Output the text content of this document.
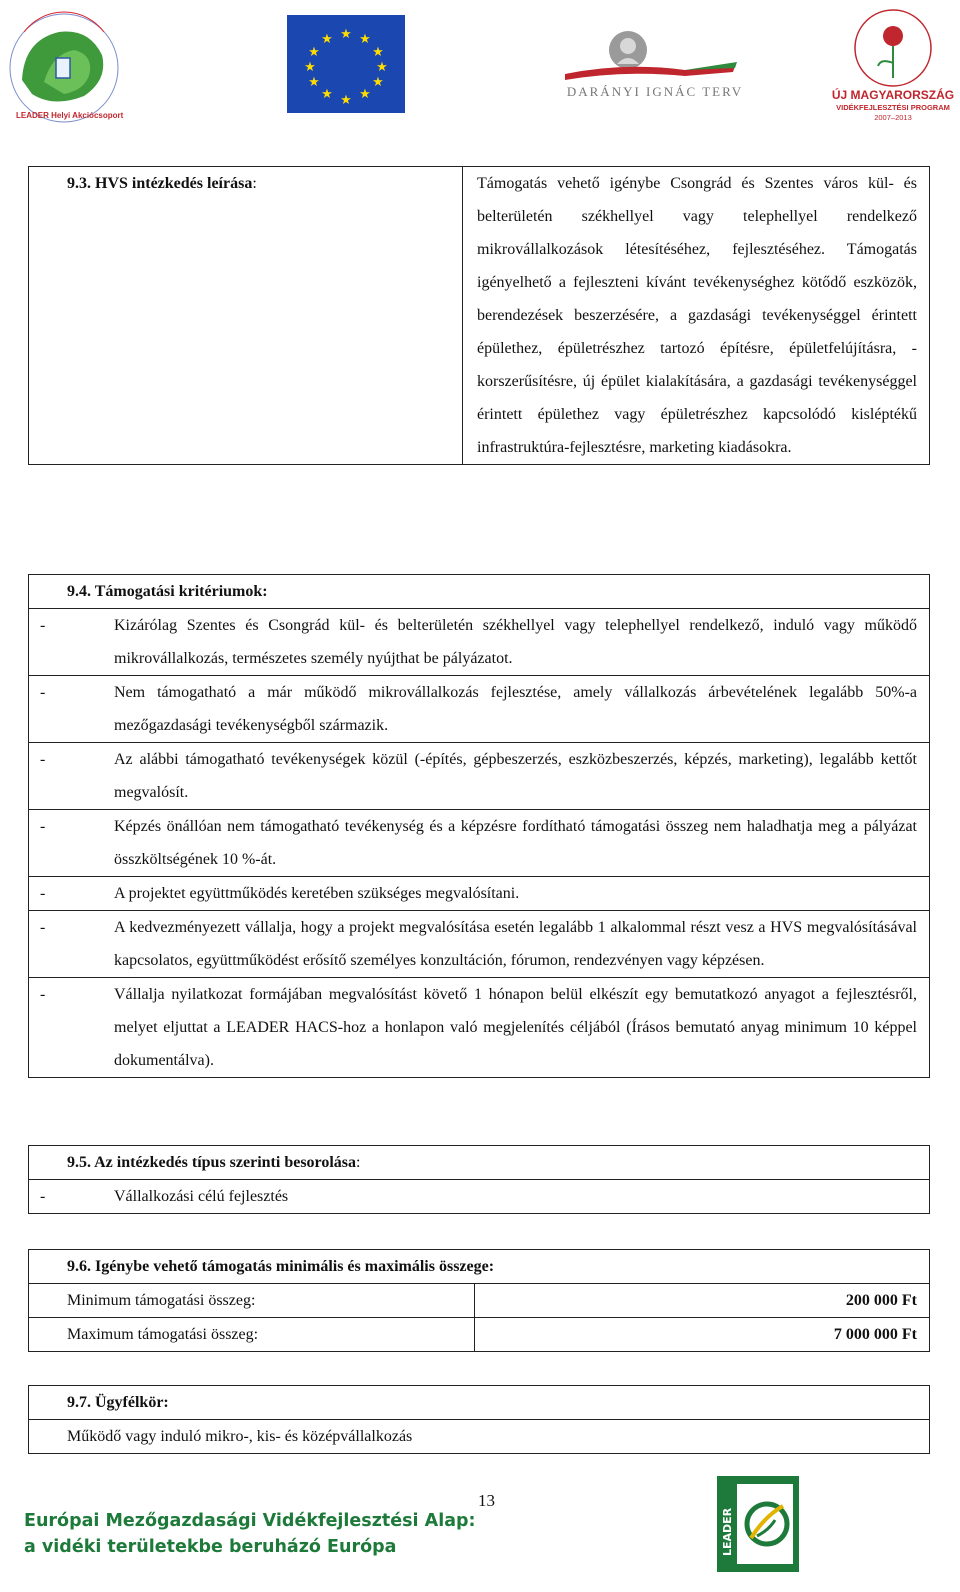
LEADER Helyi Akciócsoport
★ ★
★
★
★
★
★
★
★
★
★
★
DARÁNYI IGNÁC TERV	ÚJ MAGYARORSZÁG
VIDÉKFEJLESZTÉSI PROGRAM
2007–2013
9.3. HVS intézkedés leírása:	Támogatás vehető igénybe Csongrád és Szentes város kül- és belterületén székhellyel vagy telephellyel rendelkező mikrovállalkozások létesítéséhez, fejlesztéséhez. Támogatás igényelhető a fejleszteni kívánt tevékenységhez kötődő eszközök, berendezések beszerzésére, a gazdasági tevékenységgel érintett épülethez, épületrészhez tartozó építésre, épületfelújításra, -korszerűsítésre, új épület kialakítására, a gazdasági tevékenységgel érintett épülethez vagy épületrészhez kapcsolódó kisléptékű infrastruktúra-fejlesztésre, marketing kiadásokra.
9.4. Támogatási kritériumok:

-	Kizárólag Szentes és Csongrád kül- és belterületén székhellyel vagy telephellyel rendelkező, induló vagy működő mikrovállalkozás, természetes személy nyújthat be pályázatot.

-	Nem támogatható a már működő mikrovállalkozás fejlesztése, amely vállalkozás árbevételének legalább 50%-a mezőgazdasági tevékenységből származik.

-	Az alábbi támogatható tevékenységek közül (-építés, gépbeszerzés, eszközbeszerzés, képzés, marketing), legalább kettőt megvalósít.

-	Képzés önállóan nem támogatható tevékenység és a képzésre fordítható támogatási összeg nem haladhatja meg a pályázat összköltségének 10 %-át.

-	A projektet együttműködés keretében szükséges megvalósítani.

-	A kedvezményezett vállalja, hogy a projekt megvalósítása esetén legalább 1 alkalommal részt vesz a HVS megvalósításával kapcsolatos, együttműködést erősítő személyes konzultáción, fórumon, rendezvényen vagy képzésen.

-	Vállalja nyilatkozat formájában megvalósítást követő 1 hónapon belül elkészít egy bemutatkozó anyagot a fejlesztésről, melyet eljuttat a LEADER HACS-hoz a honlapon való megjelenítés céljából (Írásos bemutató anyag minimum 10 képpel dokumentálva).
9.5. Az intézkedés típus szerinti besorolása:

-	Vállalkozási célú fejlesztés
9.6. Igénybe vehető támogatás minimális és maximális összege:	
Minimum támogatási összeg:	200 000 Ft
Maximum támogatási összeg:	7 000 000 Ft
9.7. Ügyfélkör:
Működő vagy induló mikro-, kis- és középvállalkozás
Európai Mezőgazdasági Vidékfejlesztési Alap:
a vidéki területekbe beruházó Európa
13
LEADER
